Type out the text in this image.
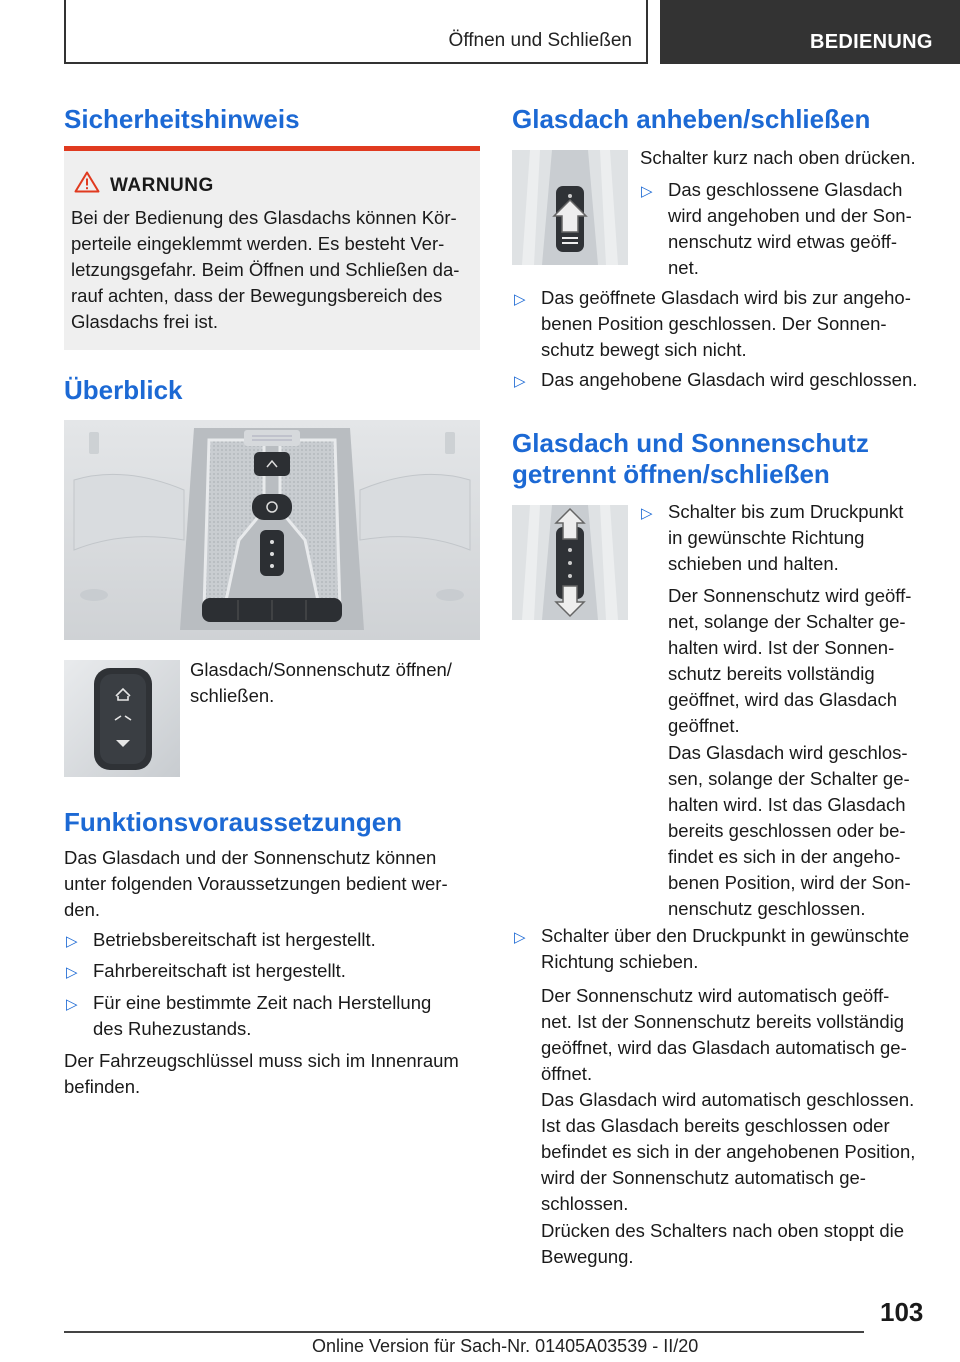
Öffnen und Schließen	BEDIENUNG
Sicherheitshinweis
WARNUNG
Bei der Bedienung des Glasdachs können Kör-
perteile eingeklemmt werden. Es besteht Ver-
letzungsgefahr. Beim Öffnen und Schließen da-
rauf achten, dass der Bewegungsbereich des
Glasdachs frei ist.
Überblick
Glasdach/Sonnenschutz öffnen/
schließen.
Funktionsvoraussetzungen
Das Glasdach und der Sonnenschutz können
unter folgenden Voraussetzungen bedient wer-
den.
▷ Betriebsbereitschaft ist hergestellt.
▷ Fahrbereitschaft ist hergestellt.
▷ Für eine bestimmte Zeit nach Herstellung
des Ruhezustands.
Der Fahrzeugschlüssel muss sich im Innenraum
befinden.
Glasdach anheben/schließen
Schalter kurz nach oben drücken.
▷ Das geschlossene Glasdach
wird angehoben und der Son-
nenschutz wird etwas geöff-
net.
▷ Das geöffnete Glasdach wird bis zur angeho-
benen Position geschlossen. Der Sonnen-
schutz bewegt sich nicht.
▷ Das angehobene Glasdach wird geschlossen.
Glasdach und Sonnenschutz
getrennt öffnen/schließen
▷ Schalter bis zum Druckpunkt
in gewünschte Richtung
schieben und halten.
Der Sonnenschutz wird geöff-
net, solange der Schalter ge-
halten wird. Ist der Sonnen-
schutz bereits vollständig
geöffnet, wird das Glasdach
geöffnet.
Das Glasdach wird geschlos-
sen, solange der Schalter ge-
halten wird. Ist das Glasdach
bereits geschlossen oder be-
findet es sich in der angeho-
benen Position, wird der Son-
nenschutz geschlossen.
▷ Schalter über den Druckpunkt in gewünschte
Richtung schieben.
Der Sonnenschutz wird automatisch geöff-
net. Ist der Sonnenschutz bereits vollständig
geöffnet, wird das Glasdach automatisch ge-
öffnet.
Das Glasdach wird automatisch geschlossen.
Ist das Glasdach bereits geschlossen oder
befindet es sich in der angehobenen Position,
wird der Sonnenschutz automatisch ge-
schlossen.
Drücken des Schalters nach oben stoppt die
Bewegung.
103
Online Version für Sach-Nr. 01405A03539 - II/20
